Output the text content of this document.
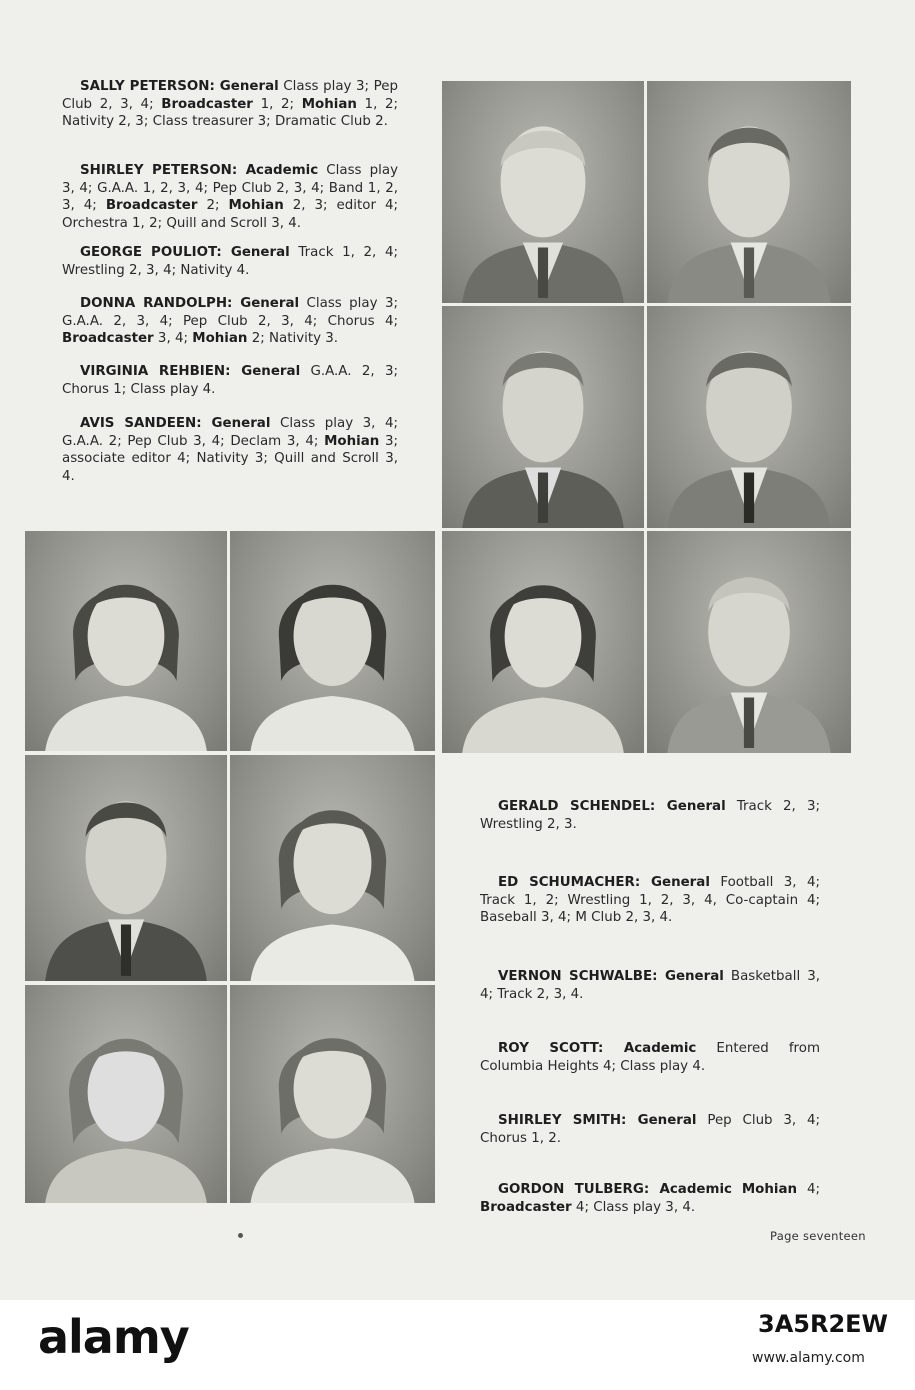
SALLY PETERSON: General Class play 3; Pep Club 2, 3, 4; Broadcaster 1, 2; Mohian 1, 2; Nativity 2, 3; Class treasurer 3; Dramatic Club 2.

SHIRLEY PETERSON: Academic Class play 3, 4; G.A.A. 1, 2, 3, 4; Pep Club 2, 3, 4; Band 1, 2, 3, 4; Broadcaster 2; Mohian 2, 3; editor 4; Orchestra 1, 2; Quill and Scroll 3, 4.

GEORGE POULIOT: General Track 1, 2, 4; Wrestling 2, 3, 4; Nativity 4.

DONNA RANDOLPH: General Class play 3; G.A.A. 2, 3, 4; Pep Club 2, 3, 4; Chorus 4; Broadcaster 3, 4; Mohian 2; Nativity 3.

VIRGINIA REHBIEN: General G.A.A. 2, 3; Chorus 1; Class play 4.

AVIS SANDEEN: General Class play 3, 4; G.A.A. 2; Pep Club 3, 4; Declam 3, 4; Mohian 3; associate editor 4; Nativity 3; Quill and Scroll 3, 4.

GERALD SCHENDEL: General Track 2, 3; Wrestling 2, 3.

ED SCHUMACHER: General Football 3, 4; Track 1, 2; Wrestling 1, 2, 3, 4, Co-captain 4; Baseball 3, 4; M Club 2, 3, 4.

VERNON SCHWALBE: General Basketball 3, 4; Track 2, 3, 4.

ROY SCOTT: Academic Entered from Columbia Heights 4; Class play 4.

SHIRLEY SMITH: General Pep Club 3, 4; Chorus 1, 2.

GORDON TULBERG: Academic Mohian 4; Broadcaster 4; Class play 3, 4.

Page seventeen
alamy	3A5R2EW
www.alamy.com
